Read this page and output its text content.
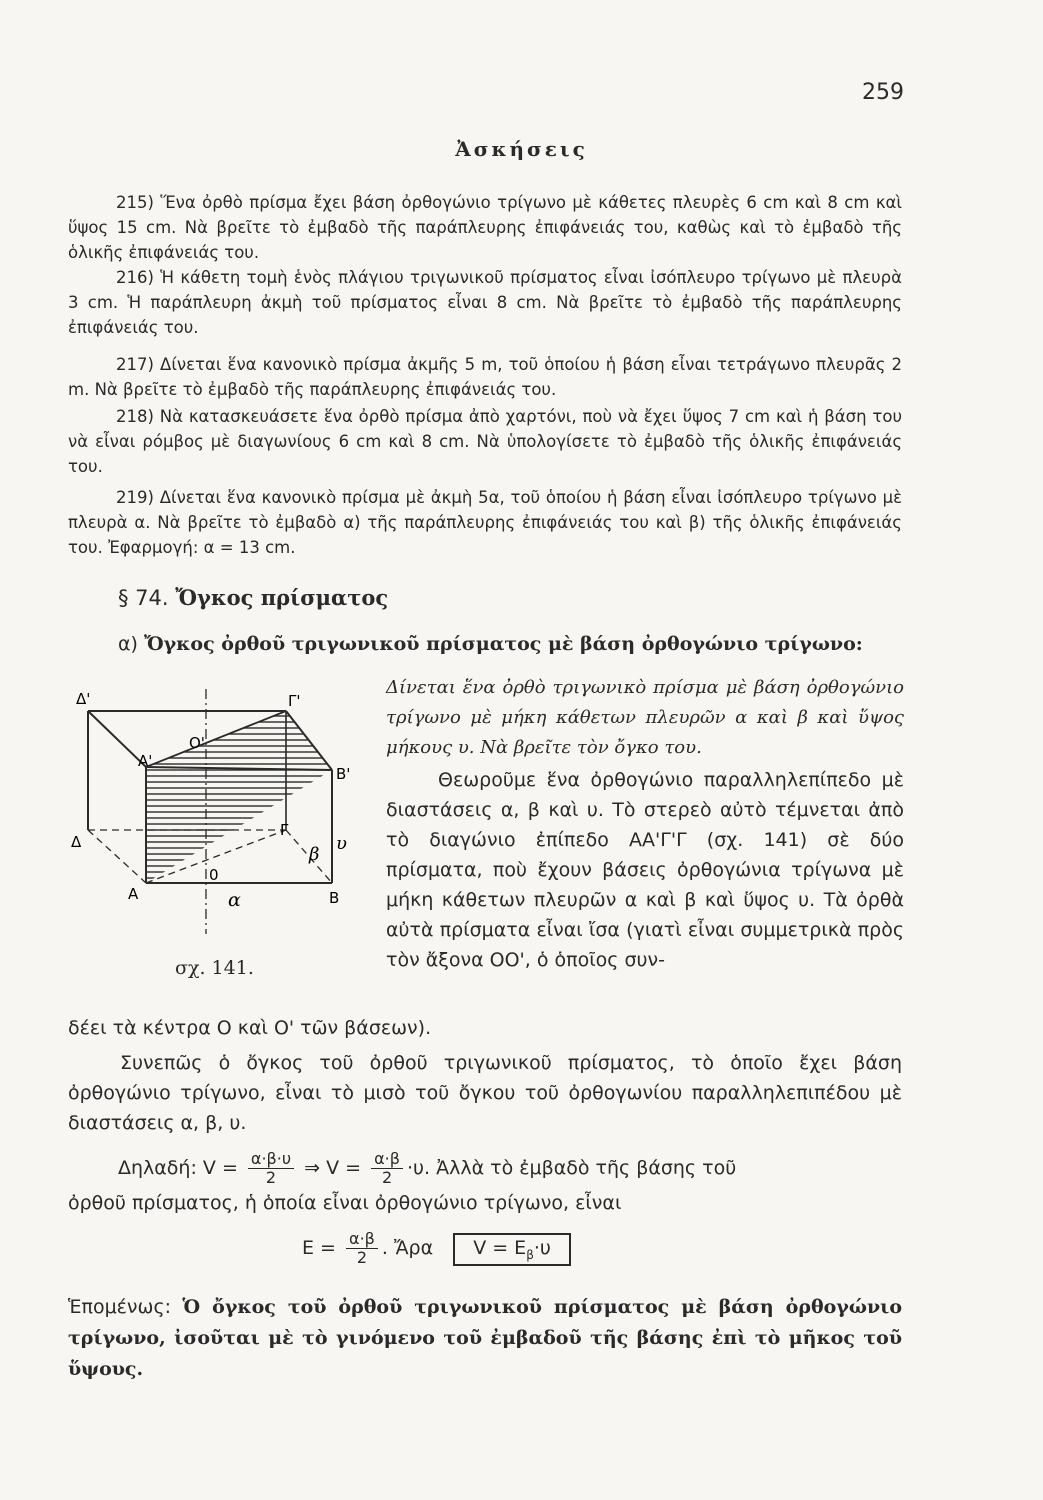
259
Ἀσκήσεις
215) Ἕνα ὀρθὸ πρίσμα ἔχει βάση ὀρθογώνιο τρίγωνο μὲ κάθετες πλευρὲς 6 cm καὶ 8 cm καὶ ὕψος 15 cm. Νὰ βρεῖτε τὸ ἐμβαδὸ τῆς παράπλευρης ἐπιφάνειάς του, καθὼς καὶ τὸ ἐμβαδὸ τῆς ὁλικῆς ἐπιφάνειάς του.
216) Ἡ κάθετη τομὴ ἑνὸς πλάγιου τριγωνικοῦ πρίσματος εἶναι ἰσόπλευρο τρίγωνο μὲ πλευρὰ 3 cm. Ἡ παράπλευρη ἀκμὴ τοῦ πρίσματος εἶναι 8 cm. Νὰ βρεῖτε τὸ ἐμβαδὸ τῆς παράπλευρης ἐπιφάνειάς του.
217) Δίνεται ἕνα κανονικὸ πρίσμα ἀκμῆς 5 m, τοῦ ὁποίου ἡ βάση εἶναι τετράγωνο πλευρᾶς 2 m. Νὰ βρεῖτε τὸ ἐμβαδὸ τῆς παράπλευρης ἐπιφάνειάς του.
218) Νὰ κατασκευάσετε ἕνα ὀρθὸ πρίσμα ἀπὸ χαρτόνι, ποὺ νὰ ἔχει ὕψος 7 cm καὶ ἡ βάση του νὰ εἶναι ρόμβος μὲ διαγωνίους 6 cm καὶ 8 cm. Νὰ ὑπολογίσετε τὸ ἐμβαδὸ τῆς ὁλικῆς ἐπιφάνειάς του.
219) Δίνεται ἕνα κανονικὸ πρίσμα μὲ ἀκμὴ 5α, τοῦ ὁποίου ἡ βάση εἶναι ἰσόπλευρο τρίγωνο μὲ πλευρὰ α. Νὰ βρεῖτε τὸ ἐμβαδὸ α) τῆς παράπλευρης ἐπιφάνειάς του καὶ β) τῆς ὁλικῆς ἐπιφάνειάς του. Ἐφαρμογή: α = 13 cm.
§ 74. Ὄγκος πρίσματος
α) Ὄγκος ὀρθοῦ τριγωνικοῦ πρίσματος μὲ βάση ὀρθογώνιο τρίγωνο:
Δίνεται ἕνα ὀρθὸ τριγωνικὸ πρίσμα μὲ βάση ὀρθογώνιο τρίγωνο μὲ μήκη κάθετων πλευρῶν α καὶ β καὶ ὕψος μήκους υ. Νὰ βρεῖτε τὸν ὄγκο του.
Δ'	Γ'
Ο'
Α'
Β'
Δ
Γ
0
Α	Β
υ
β
α
σχ. 141.
Θεωροῦμε ἕνα ὀρθογώνιο παραλληλεπίπεδο μὲ διαστάσεις α, β καὶ υ. Τὸ στερεὸ αὐτὸ τέμνεται ἀπὸ τὸ διαγώνιο ἐπίπεδο ΑΑ'Γ'Γ (σχ. 141) σὲ δύο πρίσματα, ποὺ ἔχουν βάσεις ὀρθογώνια τρίγωνα μὲ μήκη κάθετων πλευρῶν α καὶ β καὶ ὕψος υ. Τὰ ὀρθὰ αὐτὰ πρίσματα εἶναι ἴσα (γιατὶ εἶναι συμμετρικὰ πρὸς τὸν ἄξονα ΟΟ', ὁ ὁποῖος συν-
δέει τὰ κέντρα Ο καὶ Ο' τῶν βάσεων).
Συνεπῶς ὁ ὄγκος τοῦ ὀρθοῦ τριγωνικοῦ πρίσματος, τὸ ὁποῖο ἔχει βάση ὀρθογώνιο τρίγωνο, εἶναι τὸ μισὸ τοῦ ὄγκου τοῦ ὀρθογωνίου παραλληλεπιπέδου μὲ διαστάσεις α, β, υ.
Δηλαδή: $V = \frac{\alpha\cdot\beta\cdot\upsilon}{2}$ ⇒ $V = \frac{\alpha\cdot\beta}{2} \cdot\upsilon$. Ἀλλὰ τὸ ἐμβαδὸ τῆς βάσης τοῦ
ὀρθοῦ πρίσματος, ἡ ὁποία εἶναι ὀρθογώνιο τρίγωνο, εἶναι
$E = \frac{\alpha\cdot\beta}{2}$ . Ἄρα $V = E_\beta\cdot\upsilon$
Ἑπομένως: Ὁ ὄγκος τοῦ ὀρθοῦ τριγωνικοῦ πρίσματος μὲ βάση ὀρθογώνιο τρίγωνο, ἰσοῦται μὲ τὸ γινόμενο τοῦ ἐμβαδοῦ τῆς βάσης ἐπὶ τὸ μῆκος τοῦ ὕψους.
